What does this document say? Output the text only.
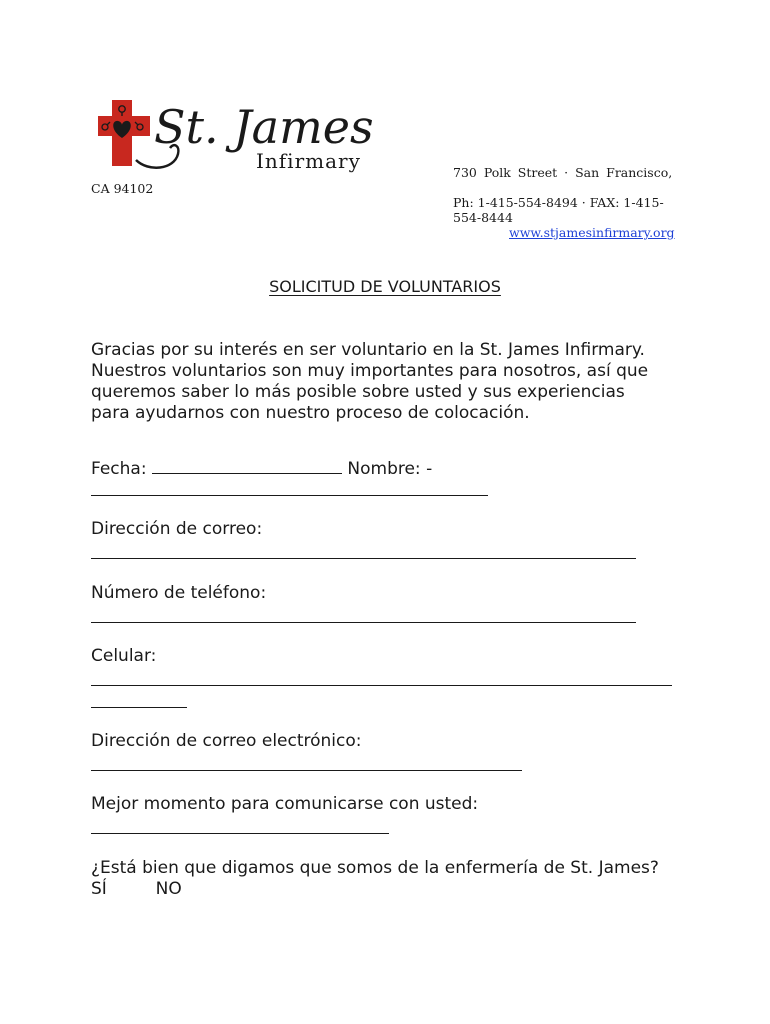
St. James
Infirmary	730 Polk Street · San Francisco,
CA 94102
Ph: 1-415-554-8494 · FAX: 1-415-
554-8444
www.stjamesinfirmary.org
SOLICITUD DE VOLUNTARIOS
Gracias por su interés en ser voluntario en la St. James Infirmary.
Nuestros voluntarios son muy importantes para nosotros, así que
queremos saber lo más posible sobre usted y sus experiencias
para ayudarnos con nuestro proceso de colocación.
Fecha:	Nombre: -
Dirección de correo:
Número de teléfono:
Celular:
Dirección de correo electrónico:
Mejor momento para comunicarse con usted:
¿Está bien que digamos que somos de la enfermería de St. James?
SÍ	NO
